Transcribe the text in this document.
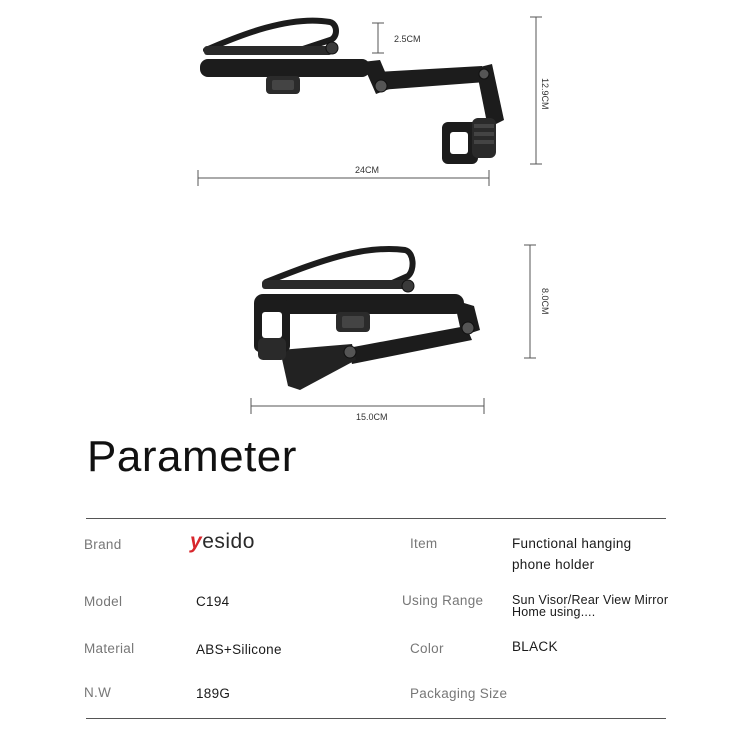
2.5CM
12.9CM
24CM
8.0CM
15.0CM
Parameter
Brand	yesido	Item	Functional hanging
phone holder
Model	C194	Using Range Sun Visor/Rear View Mirror
Home using....
Material	ABS+Silicone	Color	BLACK
N.W	189G	Packaging Size
